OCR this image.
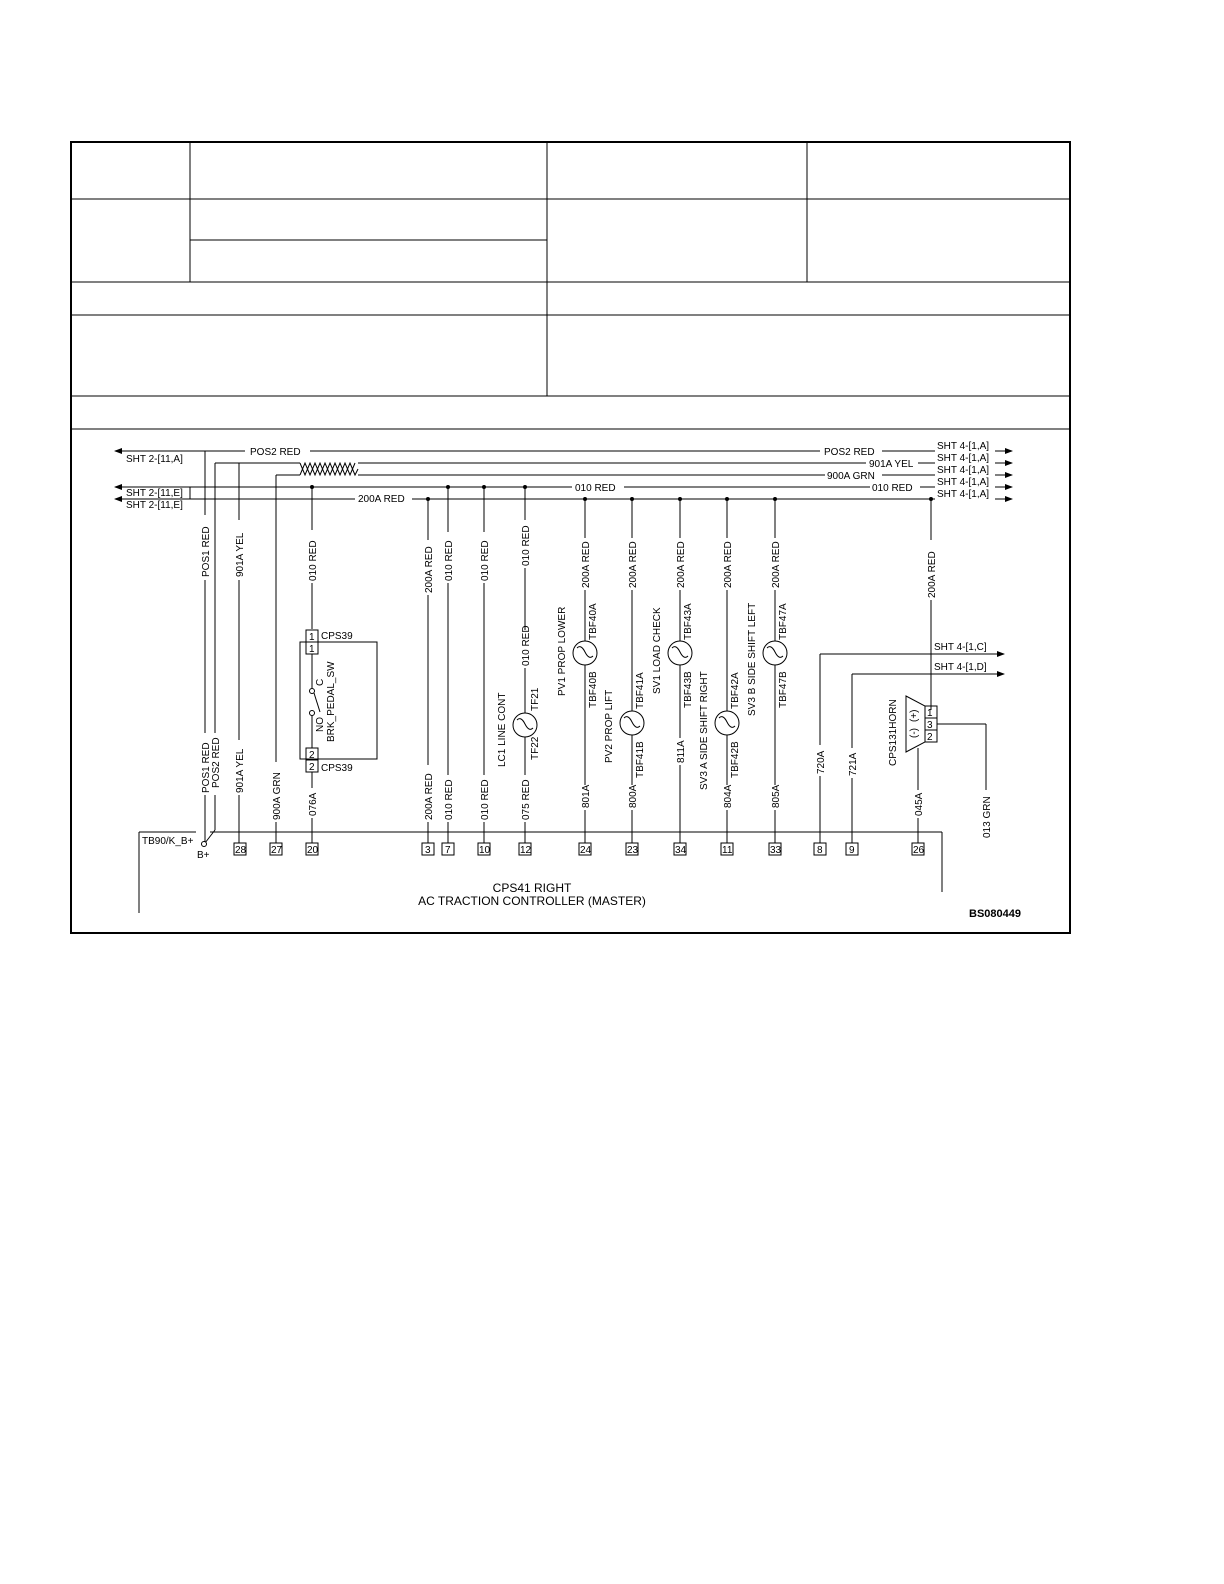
POS2 RED	POS2 RED
901A YEL
900A GRN
010 RED	010 RED
200A RED
SHT 2-[11,A]
SHT 2-[11,E]
SHT 2-[11,E]
SHT 4-[1,A]
SHT 4-[1,A]
SHT 4-[1,A]
SHT 4-[1,A]
SHT 4-[1,A]
SHT 4-[1,C]
SHT 4-[1,D]
TB90/K_B+
B+	28 27 20	3 7	10	12	24	23	34	11	33	8	9	26
CPS41 RIGHT
AC TRACTION CONTROLLER (MASTER)
BS080449
1
1
2
2
CPS39
CPS39
C
NO BRK_PEDAL_SW	1
3
2
(+)
(-)
CPS131HORN
POS1 RED 901A YEL	010 RED	200A RED 010 RED	010 RED	010 RED
010 RED
200A RED	200A RED	200A RED	200A RED	200A RED	200A RED
LC1 LINE CONT TF21
TF22
PV1 PROP LOWER TBF40A
TBF40B
PV2 PROP LIFT TBF41A
TBF41B
SV1 LOAD CHECK TBF43A
TBF43B SV3 A SIDE SHIFT RIGHT TBF42A
TBF42B
SV3 B SIDE SHIFT LEFT TBF47A
TBF47B
POS1 RED POS2 RED 901A YEL
900A GRN	076A	200A RED 010 RED	010 RED	075 RED	801A	800A
811A
804A	805A
720A 721A
045A	013 GRN
